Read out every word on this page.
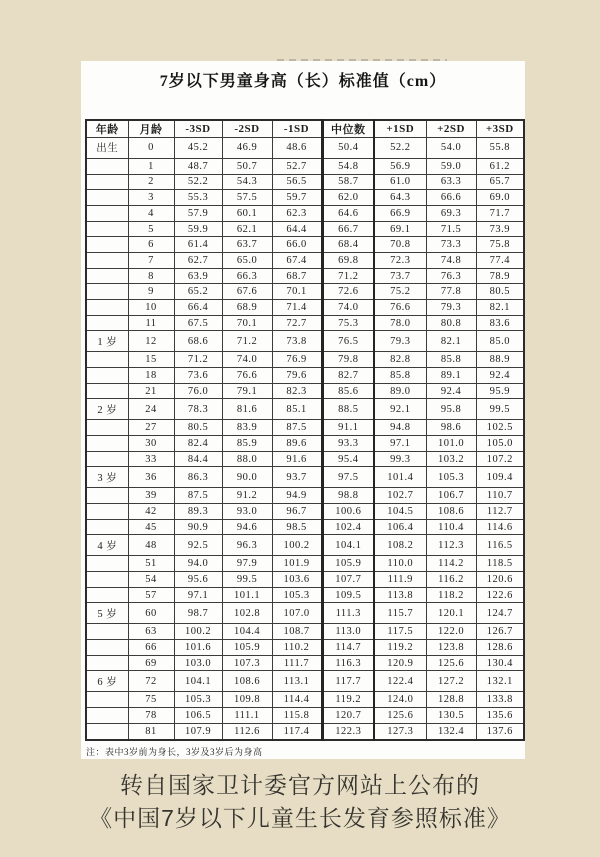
7岁以下男童身高（长）标准值（cm）
年龄	月龄	-3SD	-2SD	-1SD	中位数	+1SD	+2SD	+3SD
出生	0	45.2	46.9	48.6	50.4	52.2	54.0	55.8
	1	48.7	50.7	52.7	54.8	56.9	59.0	61.2
	2	52.2	54.3	56.5	58.7	61.0	63.3	65.7
	3	55.3	57.5	59.7	62.0	64.3	66.6	69.0
	4	57.9	60.1	62.3	64.6	66.9	69.3	71.7
	5	59.9	62.1	64.4	66.7	69.1	71.5	73.9
	6	61.4	63.7	66.0	68.4	70.8	73.3	75.8
	7	62.7	65.0	67.4	69.8	72.3	74.8	77.4
	8	63.9	66.3	68.7	71.2	73.7	76.3	78.9
	9	65.2	67.6	70.1	72.6	75.2	77.8	80.5
	10	66.4	68.9	71.4	74.0	76.6	79.3	82.1
	11	67.5	70.1	72.7	75.3	78.0	80.8	83.6
1 岁	12	68.6	71.2	73.8	76.5	79.3	82.1	85.0
	15	71.2	74.0	76.9	79.8	82.8	85.8	88.9
	18	73.6	76.6	79.6	82.7	85.8	89.1	92.4
	21	76.0	79.1	82.3	85.6	89.0	92.4	95.9
2 岁	24	78.3	81.6	85.1	88.5	92.1	95.8	99.5
	27	80.5	83.9	87.5	91.1	94.8	98.6	102.5
	30	82.4	85.9	89.6	93.3	97.1	101.0	105.0
	33	84.4	88.0	91.6	95.4	99.3	103.2	107.2
3 岁	36	86.3	90.0	93.7	97.5	101.4	105.3	109.4
	39	87.5	91.2	94.9	98.8	102.7	106.7	110.7
	42	89.3	93.0	96.7	100.6	104.5	108.6	112.7
	45	90.9	94.6	98.5	102.4	106.4	110.4	114.6
4 岁	48	92.5	96.3	100.2	104.1	108.2	112.3	116.5
	51	94.0	97.9	101.9	105.9	110.0	114.2	118.5
	54	95.6	99.5	103.6	107.7	111.9	116.2	120.6
	57	97.1	101.1	105.3	109.5	113.8	118.2	122.6
5 岁	60	98.7	102.8	107.0	111.3	115.7	120.1	124.7
	63	100.2	104.4	108.7	113.0	117.5	122.0	126.7
	66	101.6	105.9	110.2	114.7	119.2	123.8	128.6
	69	103.0	107.3	111.7	116.3	120.9	125.6	130.4
6 岁	72	104.1	108.6	113.1	117.7	122.4	127.2	132.1
	75	105.3	109.8	114.4	119.2	124.0	128.8	133.8
	78	106.5	111.1	115.8	120.7	125.6	130.5	135.6
	81	107.9	112.6	117.4	122.3	127.3	132.4	137.6
注：表中3岁前为身长，3岁及3岁后为身高
转自国家卫计委官方网站上公布的
《中国7岁以下儿童生长发育参照标准》
